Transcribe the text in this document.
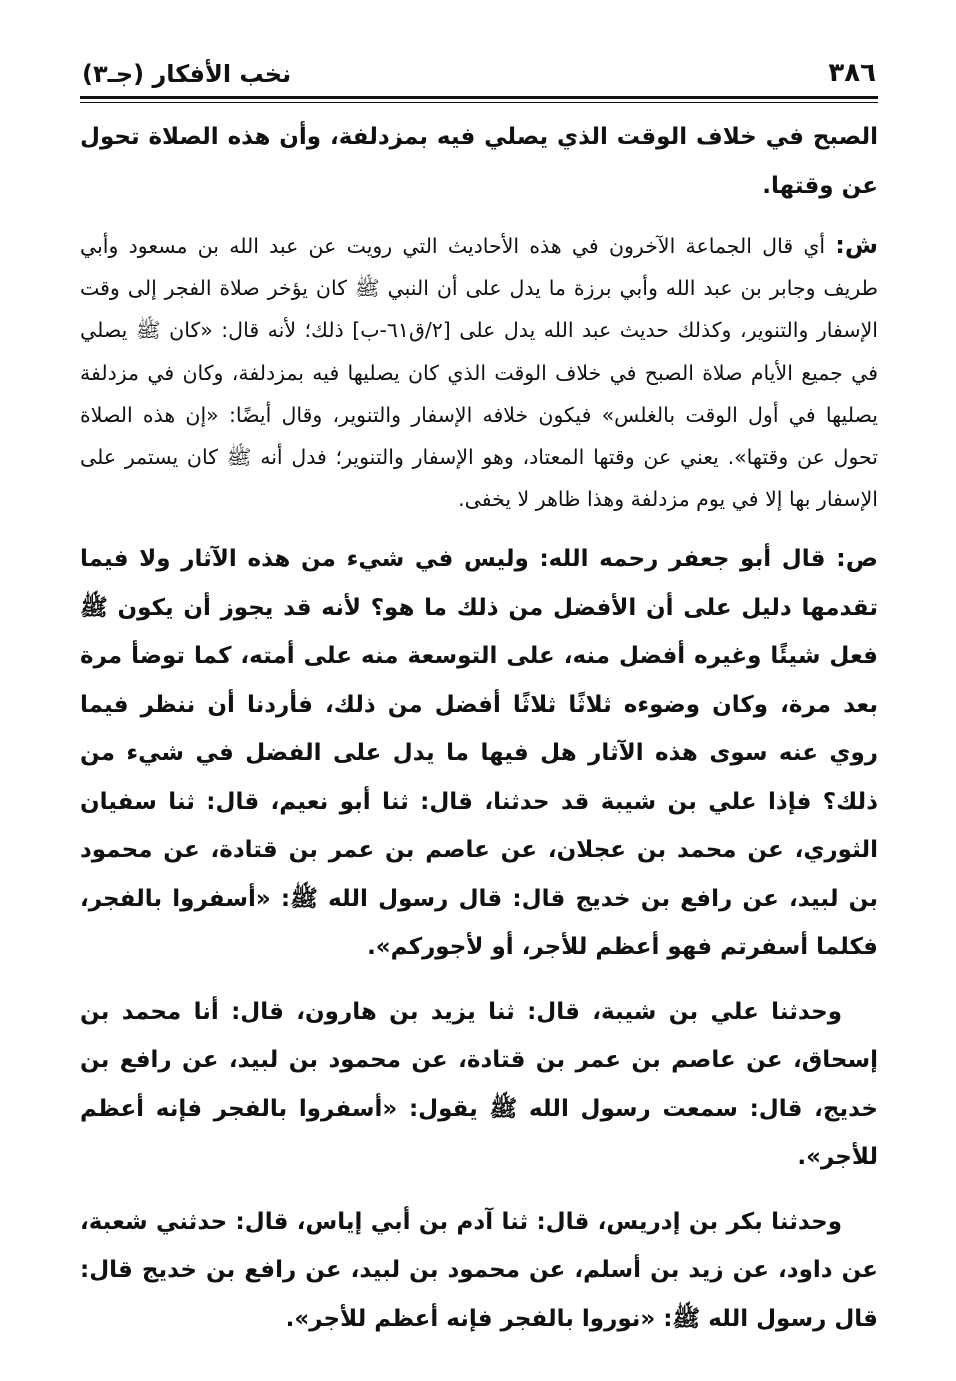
٣٨٦
نخب الأفكار (جـ٣)

الصبح في خلاف الوقت الذي يصلي فيه بمزدلفة، وأن هذه الصلاة تحول عن وقتها.

ش: أي قال الجماعة الآخرون في هذه الأحاديث التي رويت عن عبد الله بن مسعود وأبي طريف وجابر بن عبد الله وأبي برزة ما يدل على أن النبي ﷺ كان يؤخر صلاة الفجر إلى وقت الإسفار والتنوير، وكذلك حديث عبد الله يدل على [٢/ق٦١-ب] ذلك؛ لأنه قال: «كان ﷺ يصلي في جميع الأيام صلاة الصبح في خلاف الوقت الذي كان يصليها فيه بمزدلفة، وكان في مزدلفة يصليها في أول الوقت بالغلس» فيكون خلافه الإسفار والتنوير، وقال أيضًا: «إن هذه الصلاة تحول عن وقتها». يعني عن وقتها المعتاد، وهو الإسفار والتنوير؛ فدل أنه ﷺ كان يستمر على الإسفار بها إلا في يوم مزدلفة وهذا ظاهر لا يخفى.

ص: قال أبو جعفر رحمه الله: وليس في شيء من هذه الآثار ولا فيما تقدمها دليل على أن الأفضل من ذلك ما هو؟ لأنه قد يجوز أن يكون ﷺ فعل شيئًا وغيره أفضل منه، على التوسعة منه على أمته، كما توضأ مرة بعد مرة، وكان وضوءه ثلاثًا ثلاثًا أفضل من ذلك، فأردنا أن ننظر فيما روي عنه سوى هذه الآثار هل فيها ما يدل على الفضل في شيء من ذلك؟ فإذا علي بن شيبة قد حدثنا، قال: ثنا أبو نعيم، قال: ثنا سفيان الثوري، عن محمد بن عجلان، عن عاصم بن عمر بن قتادة، عن محمود بن لبيد، عن رافع بن خديج قال: قال رسول الله ﷺ: «أسفروا بالفجر، فكلما أسفرتم فهو أعظم للأجر، أو لأجوركم».

وحدثنا علي بن شيبة، قال: ثنا يزيد بن هارون، قال: أنا محمد بن إسحاق، عن عاصم بن عمر بن قتادة، عن محمود بن لبيد، عن رافع بن خديج، قال: سمعت رسول الله ﷺ يقول: «أسفروا بالفجر فإنه أعظم للأجر».

وحدثنا بكر بن إدريس، قال: ثنا آدم بن أبي إياس، قال: حدثني شعبة، عن داود، عن زيد بن أسلم، عن محمود بن لبيد، عن رافع بن خديج قال: قال رسول الله ﷺ: «نوروا بالفجر فإنه أعظم للأجر».
